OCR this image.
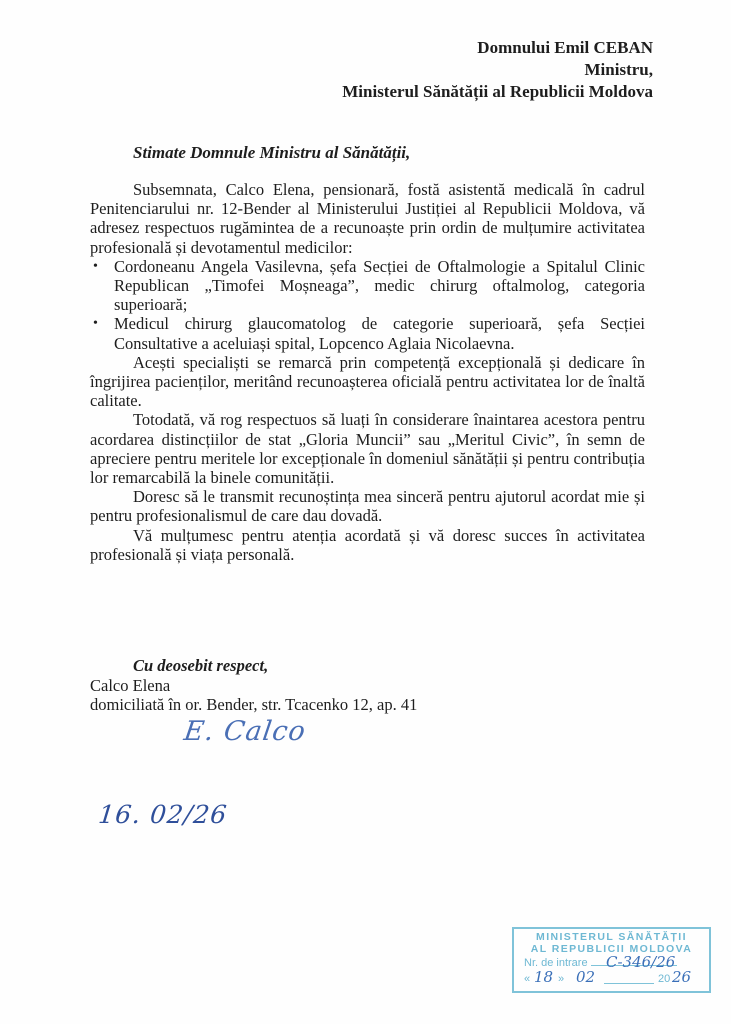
Domnului Emil CEBAN
Ministru,
Ministerul Sănătății al Republicii Moldova
Stimate Domnule Ministru al Sănătății,

Subsemnata, Calco Elena, pensionară, fostă asistentă medicală în cadrul Penitenciarului nr. 12-Bender al Ministerului Justiției al Republicii Moldova, vă adresez respectuos rugămintea de a recunoaște prin ordin de mulțumire activitatea profesională și devotamentul medicilor:

• Cordoneanu Angela Vasilevna, șefa Secției de Oftalmologie a Spitalul Clinic Republican „Timofei Moșneaga”, medic chirurg oftalmolog, categoria superioară;
• Medicul chirurg glaucomatolog de categorie superioară, șefa Secției Consultative a aceluiași spital, Lopcenco Aglaia Nicolaevna.

Acești specialiști se remarcă prin competență excepțională și dedicare în îngrijirea pacienților, meritând recunoașterea oficială pentru activitatea lor de înaltă calitate.

Totodată, vă rog respectuos să luați în considerare înaintarea acestora pentru acordarea distincțiilor de stat „Gloria Muncii” sau „Meritul Civic”, în semn de apreciere pentru meritele lor excepționale în domeniul sănătății și pentru contribuția lor remarcabilă la binele comunității.

Doresc să le transmit recunoștința mea sinceră pentru ajutorul acordat mie și pentru profesionalismul de care dau dovadă.

Vă mulțumesc pentru atenția acordată și vă doresc succes în activitatea profesională și viața personală.

Cu deosebit respect,
Calco Elena
domiciliată în or. Bender, str. Tcacenko 12, ap. 41
E. Calco
16. 02/26
MINISTERUL SĂNĂTĂȚII
AL REPUBLICII MOLDOVA
Nr. de intrare C-346/26
« 18 » 02	20 26
